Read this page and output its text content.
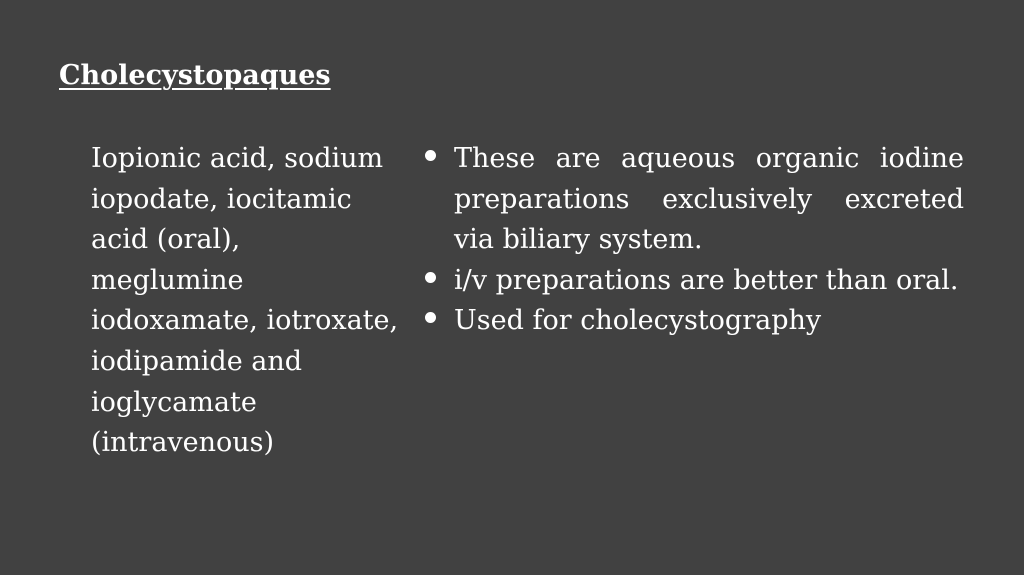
Cholecystopaques

Iopionic acid, sodium iopodate, iocitamic acid (oral), meglumine iodoxamate, iotroxate, iodipamide and ioglycamate (intravenous)

These are aqueous organic iodine preparations exclusively excreted via biliary system.
i/v preparations are better than oral.
Used for cholecystography
